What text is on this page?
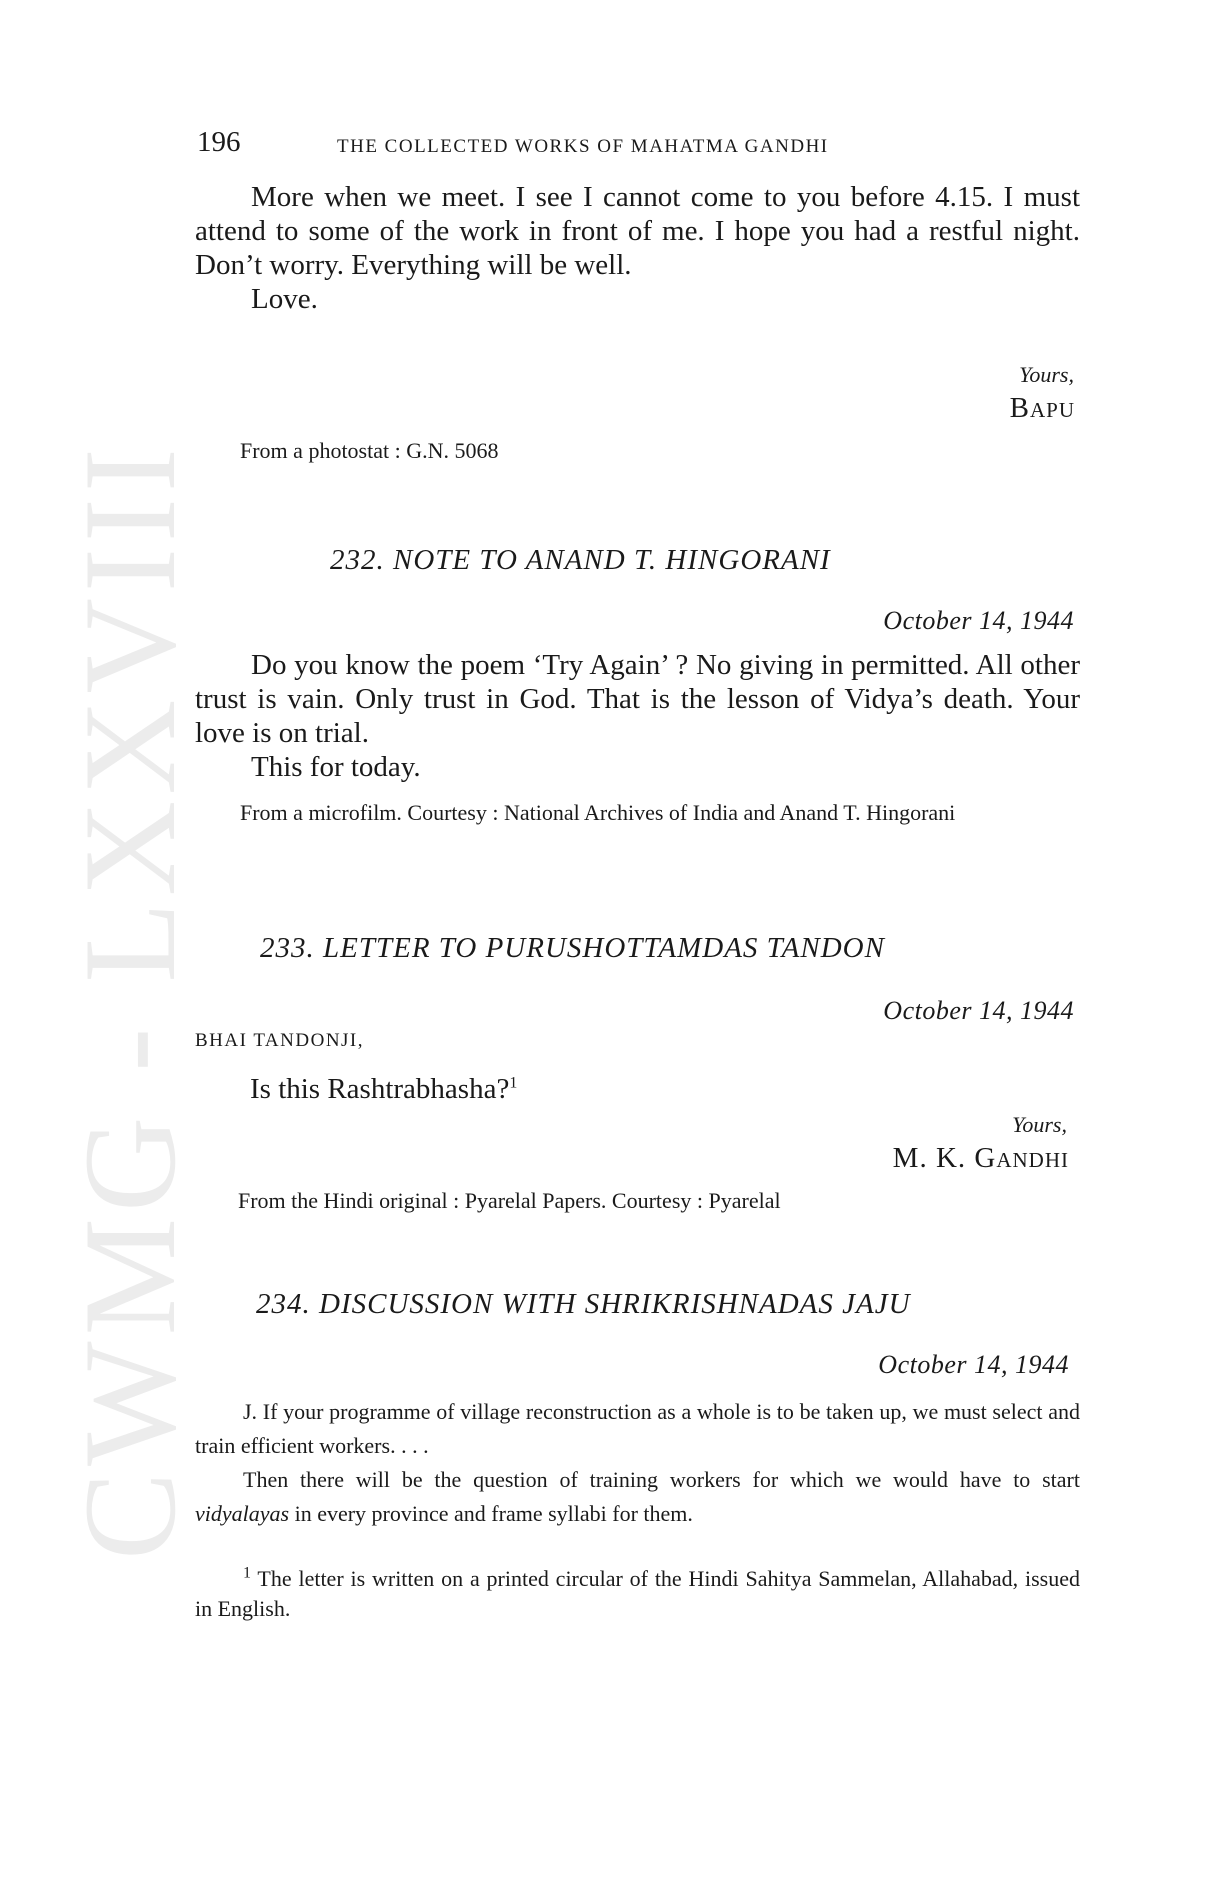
CWMG - LXXVIII
196	THE COLLECTED WORKS OF MAHATMA GANDHI

More when we meet. I see I cannot come to you before 4.15. I must attend to some of the work in front of me. I hope you had a restful night. Don’t worry. Everything will be well.

Love.

Yours,
BAPU
From a photostat : G.N. 5068
232. NOTE TO ANAND T. HINGORANI
October 14, 1944

Do you know the poem ‘Try Again’ ? No giving in permitted. All other trust is vain. Only trust in God. That is the lesson of Vidya’s death. Your love is on trial.

This for today.

From a microfilm. Courtesy : National Archives of India and Anand T. Hingorani
233. LETTER TO PURUSHOTTAMDAS TANDON
October 14, 1944
BHAI TANDONJI,
Is this Rashtrabhasha?$^1$
Yours,
M. K. GANDHI
From the Hindi original : Pyarelal Papers. Courtesy : Pyarelal
234. DISCUSSION WITH SHRIKRISHNADAS JAJU
October 14, 1944
J. If your programme of village reconstruction as a whole is to be taken up, we must select and train efficient workers. . . .
Then there will be the question of training workers for which we would have to start vidyalayas in every province and frame syllabi for them.
$^1$ The letter is written on a printed circular of the Hindi Sahitya Sammelan, Allahabad, issued in English.
